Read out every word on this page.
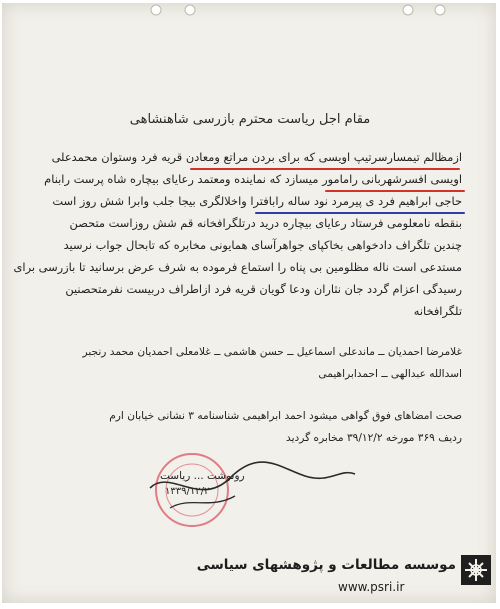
مقام اجل ریاست محترم بازرسی شاهنشاهی
ازمظالم تیمسارسرتیپ اویسی که برای بردن مراتع ومعادن قریه فرد وستوان محمدعلی
اویسی افسرشهربانی رامامور میسازد که نماینده ومعتمد رعایای بیچاره شاه پرست رابنام
حاجی ابراهیم فرد ی پیرمرد نود ساله رابافترا واخلالگری بیجا جلب وابرا شش روز است
بنقطه نامعلومی فرستاد رعایای بیچاره درید درتلگرافخانه قم شش روزاست متحصن
چندین تلگراف دادخواهی بخاکپای جواهرآسای همایونی مخابره که تابحال جواب نرسید
مستدعی است ناله مظلومین بی پناه را استماع فرموده به شرف عرض برسانید تا بازرسی برای
رسیدگی اعزام گردد جان نثاران ودعا گویان قریه فرد ازاطراف دربیست نفرمتحصنین
تلگرافخانه
غلامرضا احمدیان ــ ماندعلی اسماعیل ــ حسن هاشمی ــ غلامعلی احمدیان محمد رنجبر
اسدالله عبدالهی ــ احمدابراهیمی
صحت امضاهای فوق گواهی میشود احمد ابراهیمی شناسنامه ۳ نشانی خیابان ارم
ردیف ۳۶۹ مورخه ۳۹/۱۲/۲ مخابره گردید
رونوشت ... ریاست
۱۳۳۹/۱۲/۲
موسسه مطالعات و پژوهشهای سیاسی
www.psri.ir
